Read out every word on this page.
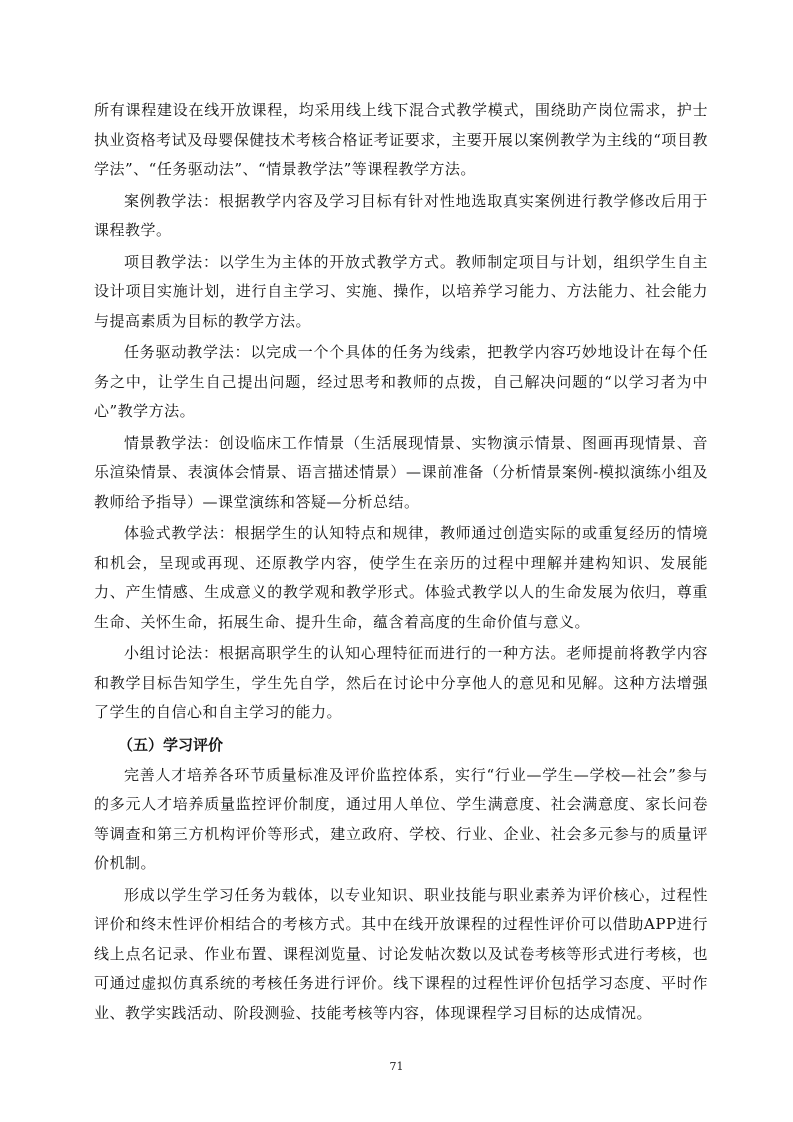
所有课程建设在线开放课程，均采用线上线下混合式教学模式，围绕助产岗位需求，护士执业资格考试及母婴保健技术考核合格证考证要求，主要开展以案例教学为主线的“项目教学法”、“任务驱动法”、“情景教学法”等课程教学方法。

案例教学法：根据教学内容及学习目标有针对性地选取真实案例进行教学修改后用于课程教学。

项目教学法：以学生为主体的开放式教学方式。教师制定项目与计划，组织学生自主设计项目实施计划，进行自主学习、实施、操作，以培养学习能力、方法能力、社会能力与提高素质为目标的教学方法。

任务驱动教学法：以完成一个个具体的任务为线索，把教学内容巧妙地设计在每个任务之中，让学生自己提出问题，经过思考和教师的点拨，自己解决问题的“以学习者为中心”教学方法。

情景教学法：创设临床工作情景（生活展现情景、实物演示情景、图画再现情景、音乐渲染情景、表演体会情景、语言描述情景）—课前准备（分析情景案例-模拟演练小组及教师给予指导）—课堂演练和答疑—分析总结。

体验式教学法：根据学生的认知特点和规律，教师通过创造实际的或重复经历的情境和机会，呈现或再现、还原教学内容，使学生在亲历的过程中理解并建构知识、发展能力、产生情感、生成意义的教学观和教学形式。体验式教学以人的生命发展为依归，尊重生命、关怀生命，拓展生命、提升生命，蕴含着高度的生命价值与意义。

小组讨论法：根据高职学生的认知心理特征而进行的一种方法。老师提前将教学内容和教学目标告知学生，学生先自学，然后在讨论中分享他人的意见和见解。这种方法增强了学生的自信心和自主学习的能力。

（五）学习评价

完善人才培养各环节质量标准及评价监控体系，实行“行业—学生—学校—社会”参与的多元人才培养质量监控评价制度，通过用人单位、学生满意度、社会满意度、家长问卷等调查和第三方机构评价等形式，建立政府、学校、行业、企业、社会多元参与的质量评价机制。

形成以学生学习任务为载体，以专业知识、职业技能与职业素养为评价核心，过程性评价和终末性评价相结合的考核方式。其中在线开放课程的过程性评价可以借助APP进行线上点名记录、作业布置、课程浏览量、讨论发帖次数以及试卷考核等形式进行考核，也可通过虚拟仿真系统的考核任务进行评价。线下课程的过程性评价包括学习态度、平时作业、教学实践活动、阶段测验、技能考核等内容，体现课程学习目标的达成情况。

71
